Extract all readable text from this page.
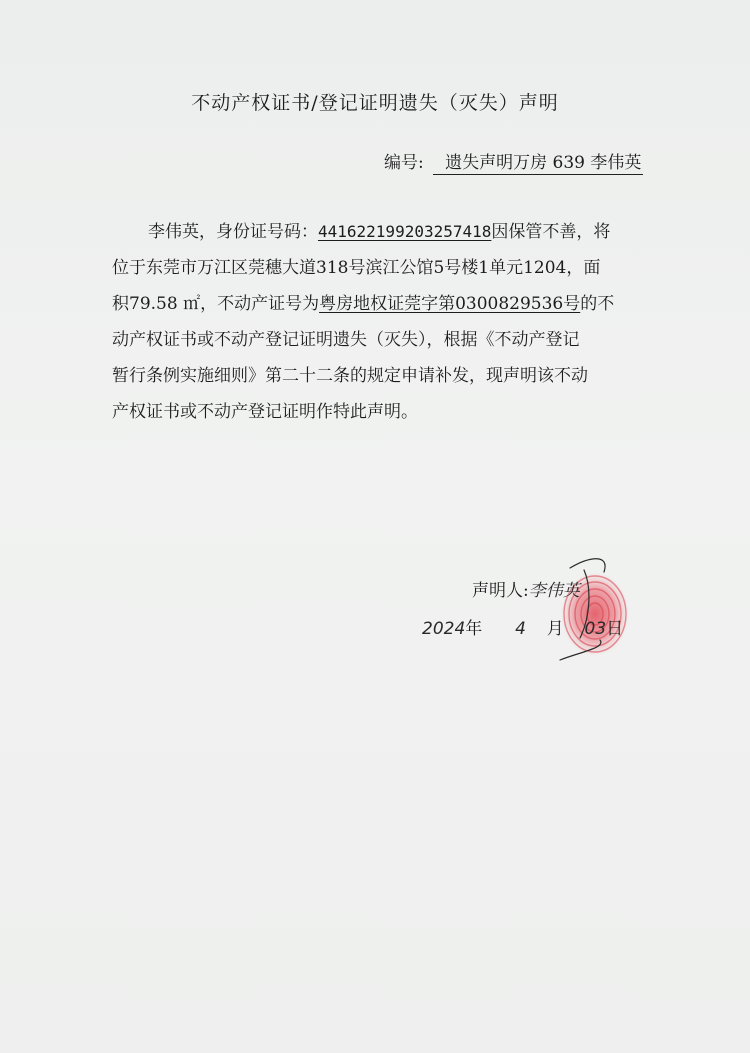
不动产权证书/登记证明遗失（灭失）声明
编号: 遗失声明万房 639 李伟英
李伟英，身份证号码：441622199203257418因保管不善，将
位于东莞市万江区莞穗大道318号滨江公馆5号楼1单元1204，面
积79.58 ㎡，不动产证号为粤房地权证莞字第0300829536号的不
动产权证书或不动产登记证明遗失（灭失），根据《不动产登记
暂行条例实施细则》第二十二条的规定申请补发，现声明该不动
产权证书或不动产登记证明作特此声明。
声明人:李伟英
2024年 4 月 03日
